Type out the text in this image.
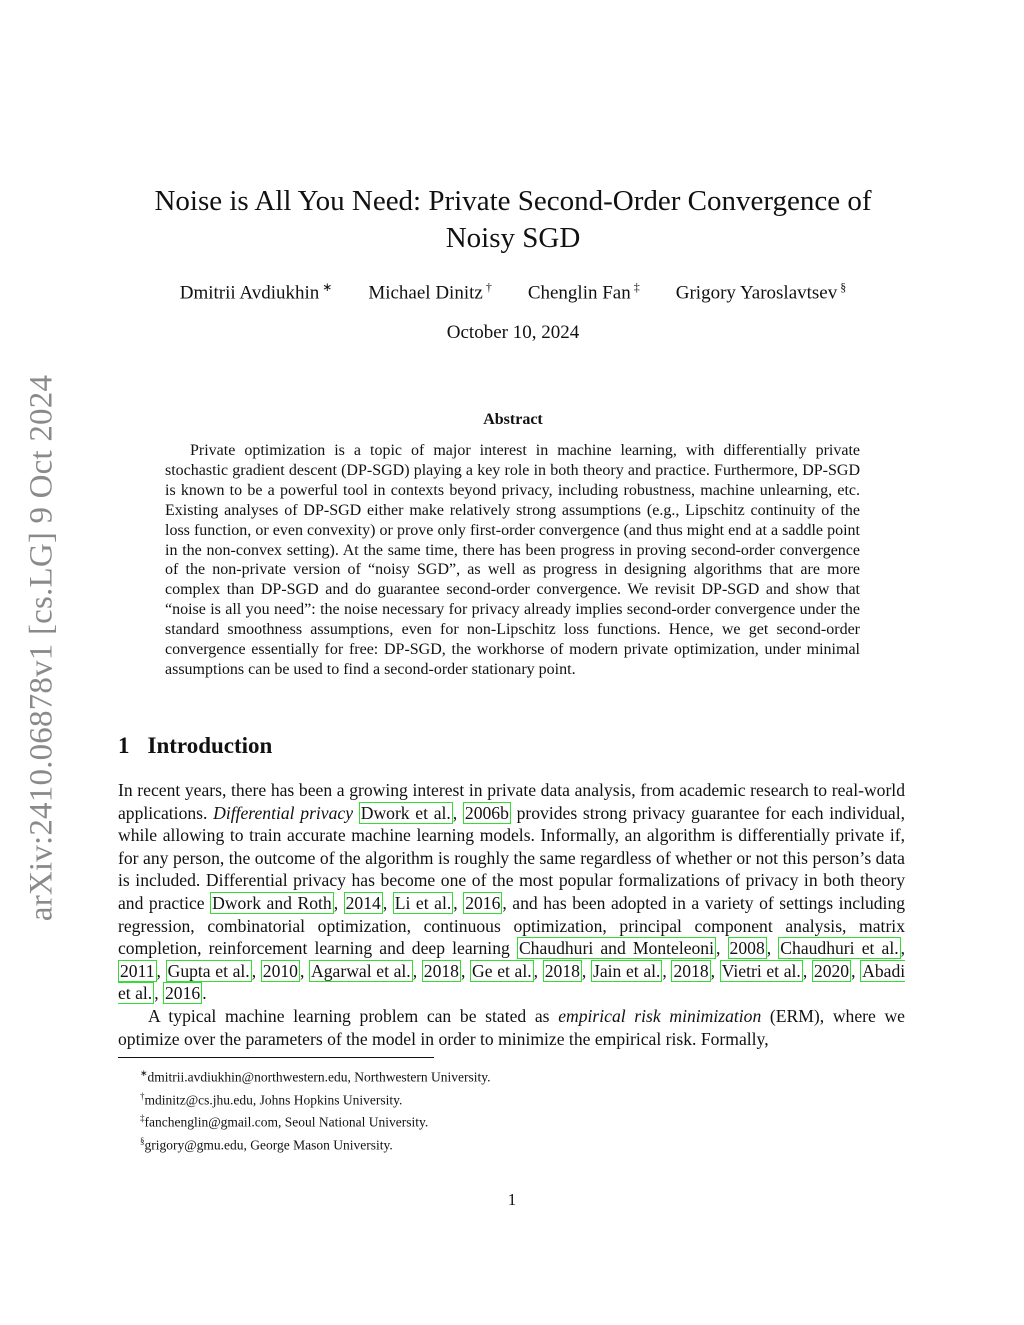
arXiv:2410.06878v1 [cs.LG] 9 Oct 2024
Noise is All You Need: Private Second-Order Convergence of Noisy SGD
Dmitrii Avdiukhin ∗ Michael Dinitz † Chenglin Fan ‡ Grigory Yaroslavtsev §
October 10, 2024
Abstract

Private optimization is a topic of major interest in machine learning, with differentially private stochastic gradient descent (DP-SGD) playing a key role in both theory and practice. Furthermore, DP-SGD is known to be a powerful tool in contexts beyond privacy, including robustness, machine unlearning, etc. Existing analyses of DP-SGD either make relatively strong assumptions (e.g., Lipschitz continuity of the loss function, or even convexity) or prove only first-order convergence (and thus might end at a saddle point in the non-convex setting). At the same time, there has been progress in proving second-order convergence of the non-private version of “noisy SGD”, as well as progress in designing algorithms that are more complex than DP-SGD and do guarantee second-order convergence. We revisit DP-SGD and show that “noise is all you need”: the noise necessary for privacy already implies second-order convergence under the standard smoothness assumptions, even for non-Lipschitz loss functions. Hence, we get second-order convergence essentially for free: DP-SGD, the workhorse of modern private optimization, under minimal assumptions can be used to find a second-order stationary point.

1 Introduction

In recent years, there has been a growing interest in private data analysis, from academic research to real-world applications. Differential privacy Dwork et al. , 2006b provides strong privacy guarantee for each individual, while allowing to train accurate machine learning models. Informally, an algorithm is differentially private if, for any person, the outcome of the algorithm is roughly the same regardless of whether or not this person’s data is included. Differential privacy has become one of the most popular formalizations of privacy in both theory and practice Dwork and Roth , 2014 , Li et al. , 2016 , and has been adopted in a variety of settings including regression, combinatorial optimization, continuous optimization, principal component analysis, matrix completion, reinforcement learning and deep learning Chaudhuri and Monteleoni , 2008 , Chaudhuri et al. , 2011 , Gupta et al. , 2010 , Agarwal et al. , 2018 , Ge et al. , 2018 , Jain et al. , 2018 , Vietri et al. , 2020 , Abadi et al. , 2016 .

A typical machine learning problem can be stated as empirical risk minimization (ERM), where we optimize over the parameters of the model in order to minimize the empirical risk. Formally,

∗dmitrii.avdiukhin@northwestern.edu, Northwestern University.
†mdinitz@cs.jhu.edu, Johns Hopkins University.
‡fanchenglin@gmail.com, Seoul National University.
§grigory@gmu.edu, George Mason University.
1
